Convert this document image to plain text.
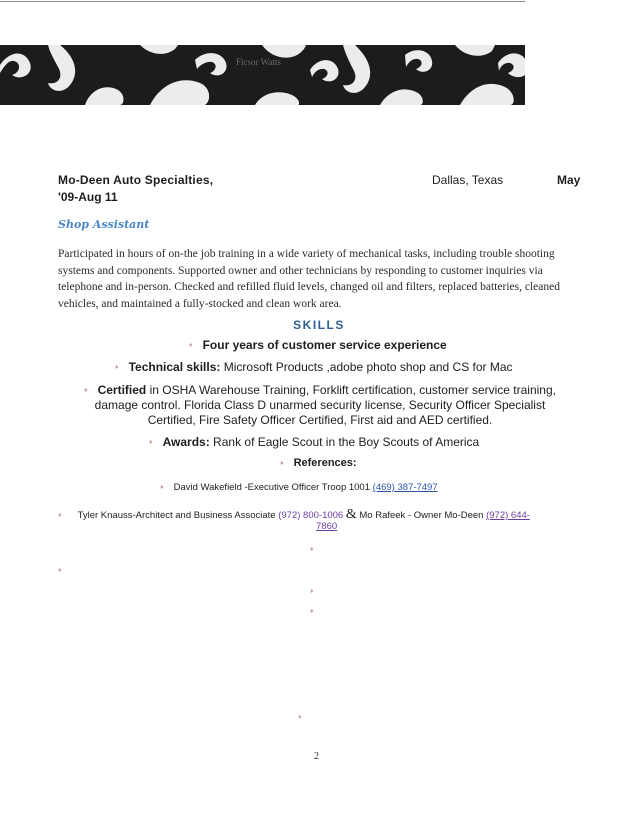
Ficsor Watts
Mo-Deen Auto Specialties,	Dallas, Texas	May
'09-Aug 11
Shop Assistant
Participated in hours of on-the job training in a wide variety of mechanical tasks, including trouble shooting systems and components. Supported owner and other technicians by responding to customer inquiries via telephone and in-person. Checked and refilled fluid levels, changed oil and filters, replaced batteries, cleaned vehicles, and maintained a fully-stocked and clean work area.
SKILLS
♦ Four years of customer service experience
♦ Technical skills: Microsoft Products ,adobe photo shop and CS for Mac
♦ Certified in OSHA Warehouse Training, Forklift certification, customer service training, damage control. Florida Class D unarmed security license, Security Officer Specialist Certified, Fire Safety Officer Certified, First aid and AED certified.
♦ Awards: Rank of Eagle Scout in the Boy Scouts of America
♦ References:
♦ David Wakefield -Executive Officer Troop 1001 (469) 387-7497
♦ Tyler Knauss-Architect and Business Associate (972) 800-1006 & Mo Rafeek - Owner Mo-Deen (972) 644-
7860
♦
♦
♦
♦
♦
2
